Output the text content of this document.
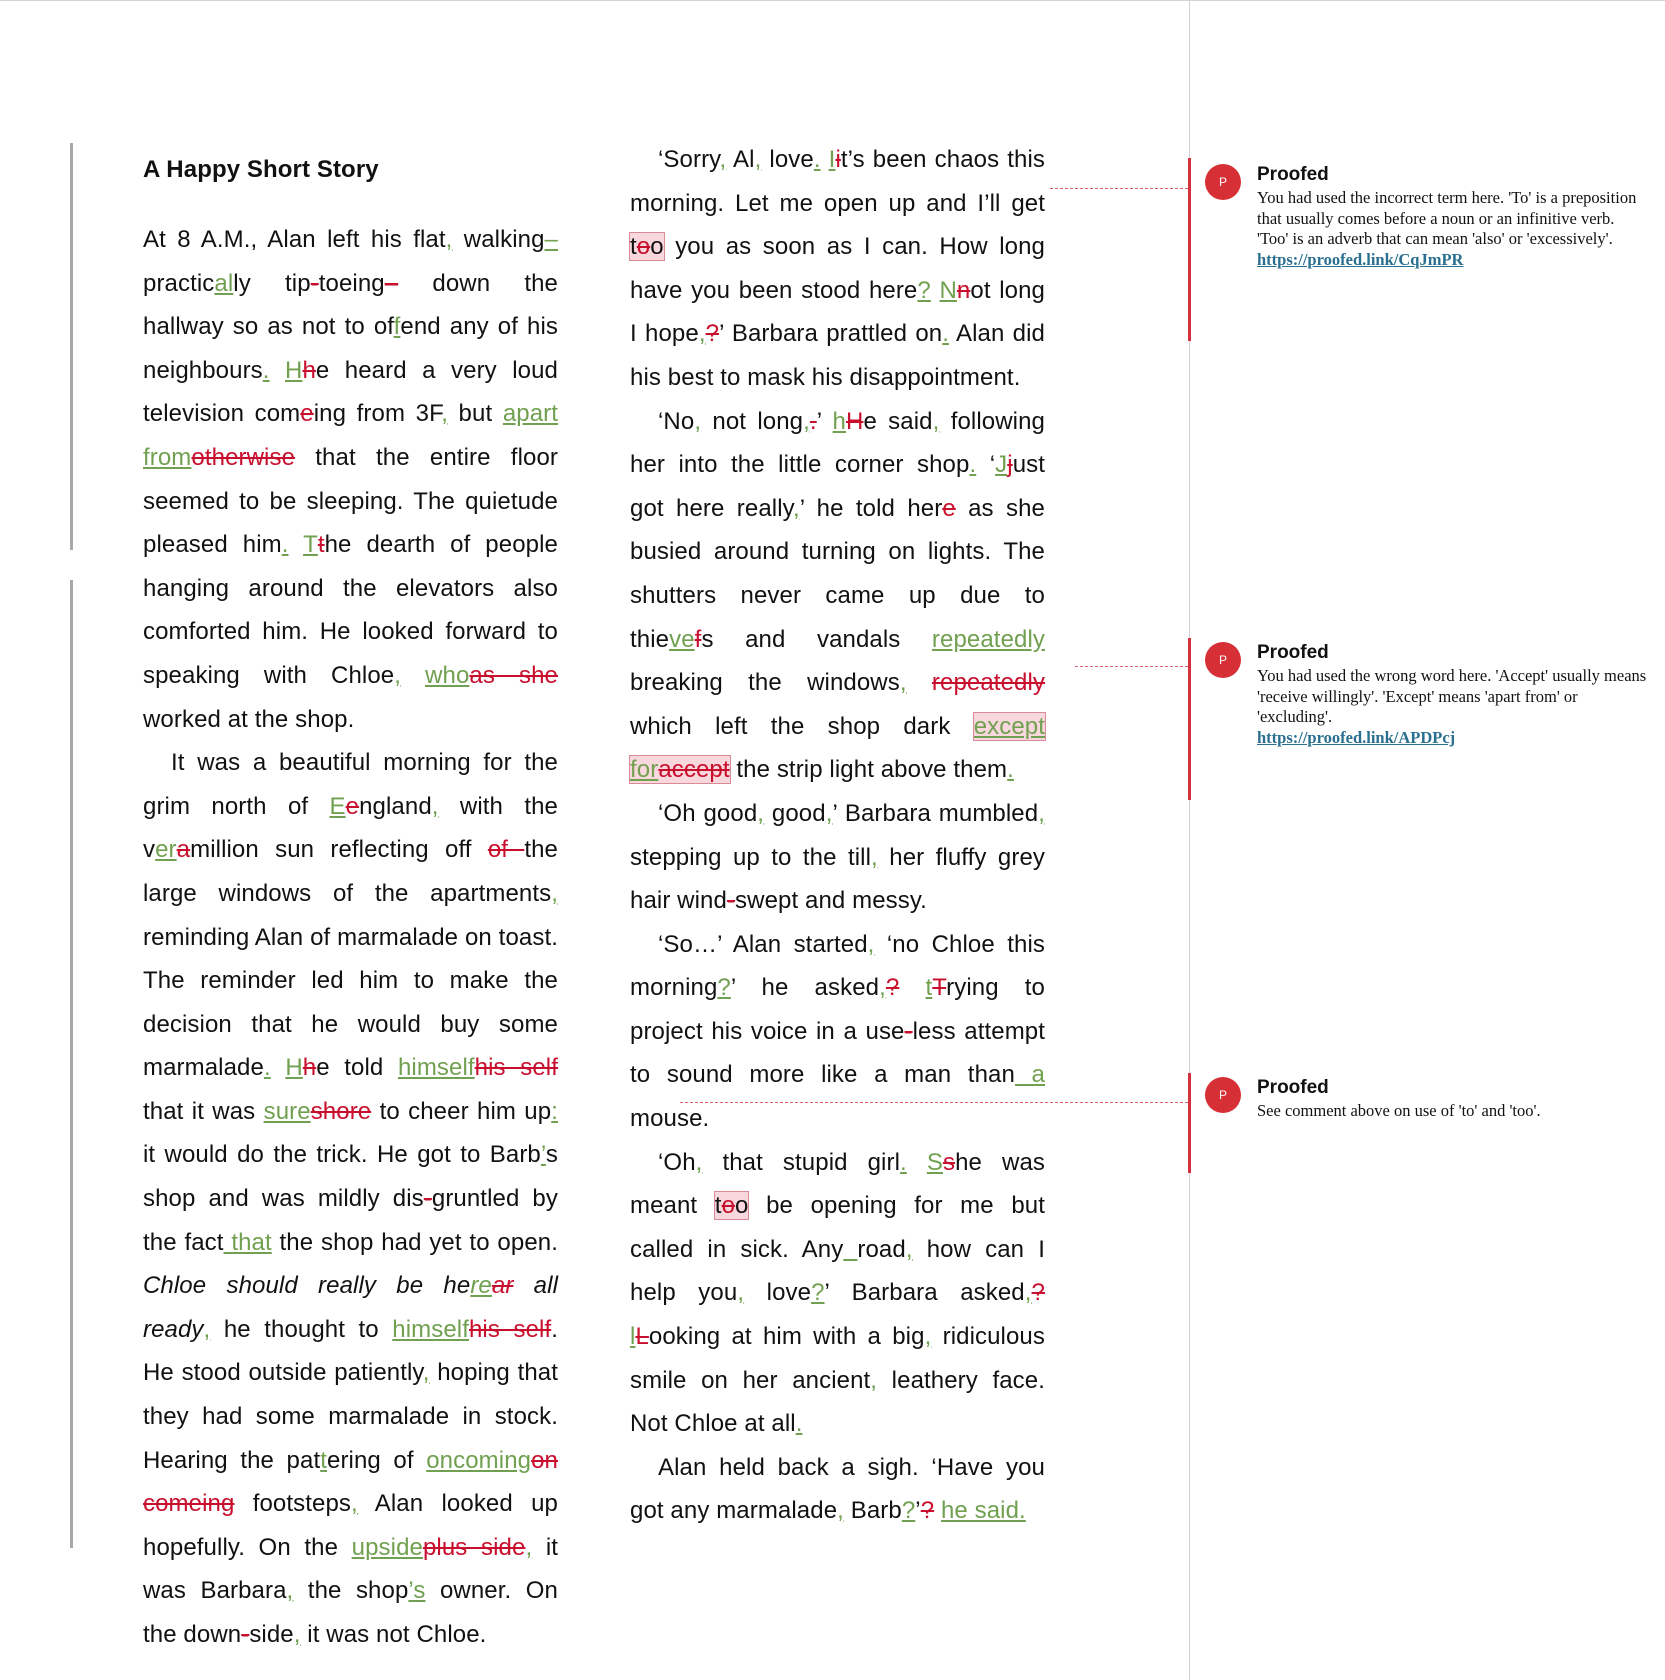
A Happy Short Story

At 8 A.M., Alan left his flat, walking– practically tip-toeing– down the hallway so as not to offend any of his neighbours. Hhe heard a very loud television comeing from 3F, but apart fromotherwise that the entire floor seemed to be sleeping. The quietude pleased him. Tthe dearth of people hanging around the elevators also comforted him. He looked forward to speaking with Chloe, whoas she worked at the shop.

It was a beautiful morning for the grim north of Eengland, with the veramillion sun reflecting off of the large windows of the apartments, reminding Alan of marmalade on toast. The reminder led him to make the decision that he would buy some marmalade. Hhe told himselfhis self that it was sureshore to cheer him up: it would do the trick. He got to Barb’s shop and was mildly dis-gruntled by the fact that the shop had yet to open. Chloe should really be herear all ready, he thought to himselfhis self. He stood outside patiently, hoping that they had some marmalade in stock. Hearing the pattering of oncomingon comeing footsteps, Alan looked up hopefully. On the upsideplus side, it was Barbara, the shop’s owner. On the down-side, it was not Chloe.

‘Sorry, Al, love. Iit’s been chaos this morning. Let me open up and I’ll get too you as soon as I can. How long have you been stood here? Nnot long I hope,?’ Barbara prattled on. Alan did his best to mask his disappointment.

‘No, not long,.’ hHe said, following her into the little corner shop. ‘Jjust got here really,’ he told here as she busied around turning on lights. The shutters never came up due to thievefs and vandals repeatedly breaking the windows, repeatedly which left the shop dark except foraccept the strip light above them.

‘Oh good, good,’ Barbara mumbled, stepping up to the till, her fluffy grey hair wind-swept and messy.

‘So…’ Alan started, ‘no Chloe this morning?’ he asked,? tTrying to project his voice in a use-less attempt to sound more like a man than a mouse.

‘Oh, that stupid girl. Sshe was meant too be opening for me but called in sick. Any road, how can I help you, love?’ Barbara asked,? lLooking at him with a big, ridiculous smile on her ancient, leathery face. Not Chloe at all.

Alan held back a sigh. ‘Have you got any marmalade, Barb?’? he said.

P	Proofed
You had used the incorrect term here. 'To' is a preposition that usually comes before a noun or an infinitive verb. 'Too' is an adverb that can mean 'also' or 'excessively'.
https://proofed.link/CqJmPR
P	Proofed
You had used the wrong word here. 'Accept' usually means 'receive willingly'. 'Except' means 'apart from' or 'excluding'.
https://proofed.link/APDPcj
P	Proofed
See comment above on use of 'to' and 'too'.
